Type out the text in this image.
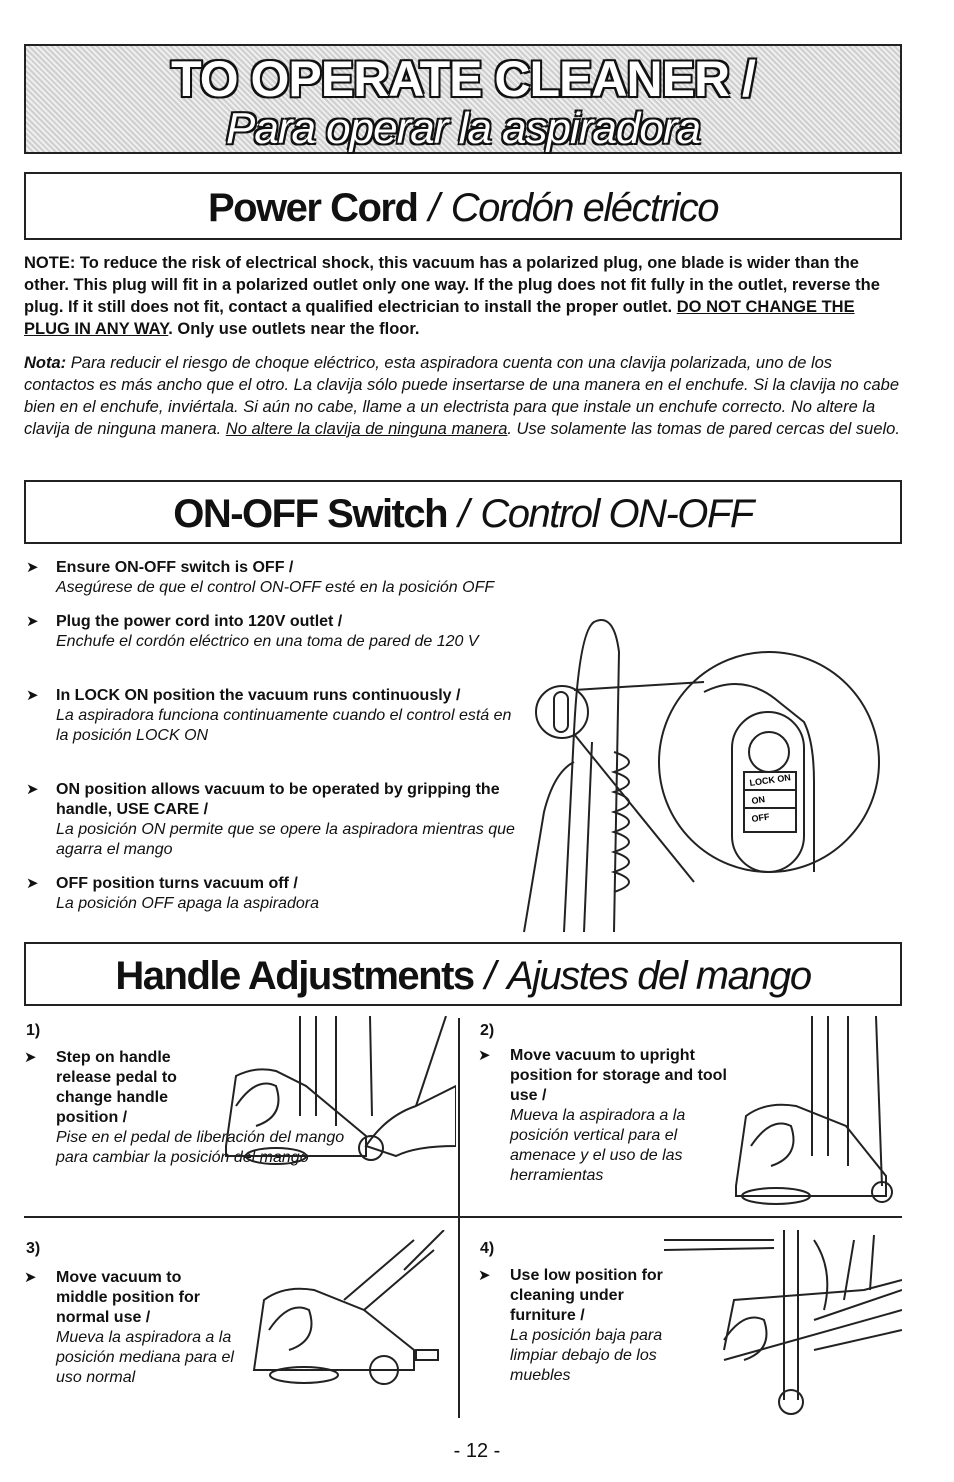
TO OPERATE CLEANER /
Para operar la aspiradora
Power Cord / Cordón eléctrico
NOTE: To reduce the risk of electrical shock, this vacuum has a polarized plug, one blade is wider than the other. This plug will fit in a polarized outlet only one way. If the plug does not fit fully in the outlet, reverse the plug. If it still does not fit, contact a qualified electrician to install the proper outlet. DO NOT CHANGE THE PLUG IN ANY WAY. Only use outlets near the floor.
Nota: Para reducir el riesgo de choque eléctrico, esta aspiradora cuenta con una clavija polarizada, uno de los contactos es más ancho que el otro. La clavija sólo puede insertarse de una manera en el enchufe. Si la clavija no cabe bien en el enchufe, inviértala. Si aún no cabe, llame a un electrista para que instale un enchufe correcto. No altere la clavija de ninguna manera. No altere la clavija de ninguna manera. Use solamente las tomas de pared cercas del suelo.
ON-OFF Switch / Control ON-OFF
➤ Ensure ON-OFF switch is OFF /
Asegúrese de que el control ON-OFF esté en la posición OFF
➤ Plug the power cord into 120V outlet /
Enchufe el cordón eléctrico en una toma de pared de 120 V
➤ In LOCK ON position the vacuum runs continuously /
La aspiradora funciona continuamente cuando el control está en la posición LOCK ON
➤ ON position allows vacuum to be operated by gripping the handle, USE CARE /
La posición ON permite que se opere la aspiradora mientras que agarra el mango
➤ OFF position turns vacuum off /
La posición OFF apaga la aspiradora
LOCK ON
ON
OFF
Handle Adjustments / Ajustes del mango
1)
➤ Step on handle release pedal to change handle position /
Pise en el pedal de liberación del mango para cambiar la posición del mango
2)
➤ Move vacuum to upright position for storage and tool use /
Mueva la aspiradora a la posición vertical para el amenace y el uso de las herramientas
3)
➤ Move vacuum to middle position for normal use /
Mueva la aspiradora a la posición mediana para el uso normal
4)
➤ Use low position for cleaning under furniture /
La posición baja para limpiar debajo de los muebles
- 12 -
